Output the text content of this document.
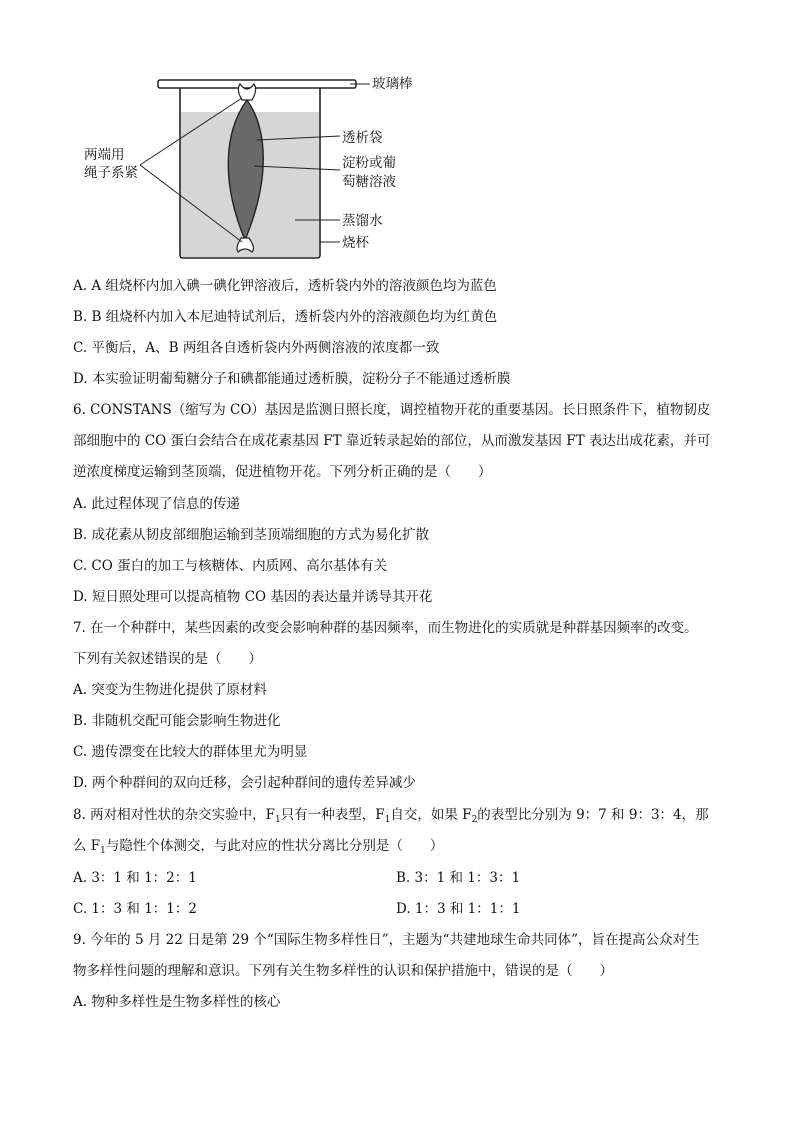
玻璃棒
透析袋
淀粉或葡
萄糖溶液
蒸馏水
烧杯
两端用
绳子系紧
A. A 组烧杯内加入碘一碘化钾溶液后，透析袋内外的溶液颜色均为蓝色
B. B 组烧杯内加入本尼迪特试剂后，透析袋内外的溶液颜色均为红黄色
C. 平衡后，A、B 两组各自透析袋内外两侧溶液的浓度都一致
D. 本实验证明葡萄糖分子和碘都能通过透析膜，淀粉分子不能通过透析膜
6. CONSTANS（缩写为 CO）基因是监测日照长度，调控植物开花的重要基因。长日照条件下，植物韧皮
部细胞中的 CO 蛋白会结合在成花素基因 FT 靠近转录起始的部位，从而激发基因 FT 表达出成花素，并可
逆浓度梯度运输到茎顶端，促进植物开花。下列分析正确的是（　　）
A. 此过程体现了信息的传递
B. 成花素从韧皮部细胞运输到茎顶端细胞的方式为易化扩散
C. CO 蛋白的加工与核糖体、内质网、高尔基体有关
D. 短日照处理可以提高植物 CO 基因的表达量并诱导其开花
7. 在一个种群中，某些因素的改变会影响种群的基因频率，而生物进化的实质就是种群基因频率的改变。
下列有关叙述错误的是（　　）
A. 突变为生物进化提供了原材料
B. 非随机交配可能会影响生物进化
C. 遗传漂变在比较大的群体里尤为明显
D. 两个种群间的双向迁移，会引起种群间的遗传差异减少
8. 两对相对性状的杂交实验中，$F_1$只有一种表型，$F_1$自交，如果 $F_2$的表型比分别为 9：7 和 9：3：4，那
么 $F_1$与隐性个体测交，与此对应的性状分离比分别是（　　）
A. 3：1 和 1：2：1	B. 3：1 和 1：3：1
C. 1：3 和 1：1：2	D. 1：3 和 1：1：1
9. 今年的 5 月 22 日是第 29 个“国际生物多样性日”，主题为“共建地球生命共同体”，旨在提高公众对生
物多样性问题的理解和意识。下列有关生物多样性的认识和保护措施中，错误的是（　　）
A. 物种多样性是生物多样性的核心
